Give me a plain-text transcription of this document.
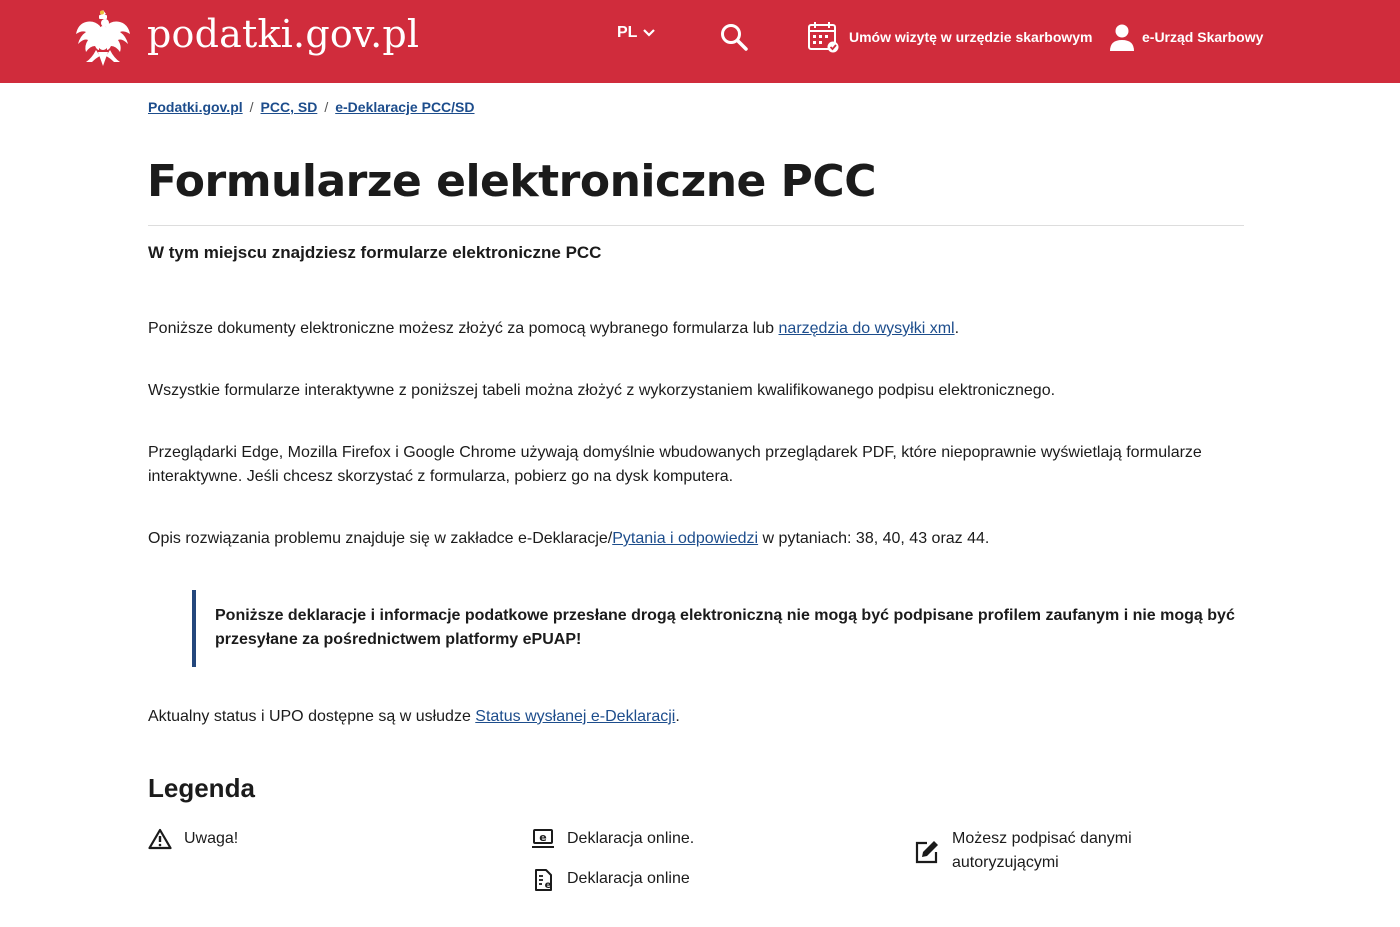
podatki.gov.pl	PL	Umów wizytę w urzędzie skarbowym	e-Urząd Skarbowy
Podatki.gov.pl / PCC, SD / e-Deklaracje PCC/SD
Formularze elektroniczne PCC
W tym miejscu znajdziesz formularze elektroniczne PCC

Poniższe dokumenty elektroniczne możesz złożyć za pomocą wybranego formularza lub narzędzia do wysyłki xml.

Wszystkie formularze interaktywne z poniższej tabeli można złożyć z wykorzystaniem kwalifikowanego podpisu elektronicznego.

Przeglądarki Edge, Mozilla Firefox i Google Chrome używają domyślnie wbudowanych przeglądarek PDF, które niepoprawnie wyświetlają formularze interaktywne. Jeśli chcesz skorzystać z formularza, pobierz go na dysk komputera.

Opis rozwiązania problemu znajduje się w zakładce e-Deklaracje/Pytania i odpowiedzi w pytaniach: 38, 40, 43 oraz 44.

Poniższe deklaracje i informacje podatkowe przesłane drogą elektroniczną nie mogą być podpisane profilem zaufanym i nie mogą być przesyłane za pośrednictwem platformy ePUAP!

Aktualny status i UPO dostępne są w usłudze Status wysłanej e-Deklaracji.

Legenda
Uwaga!	e Deklaracja online.
e Deklaracja online
Możesz podpisać danymi autoryzującymi
